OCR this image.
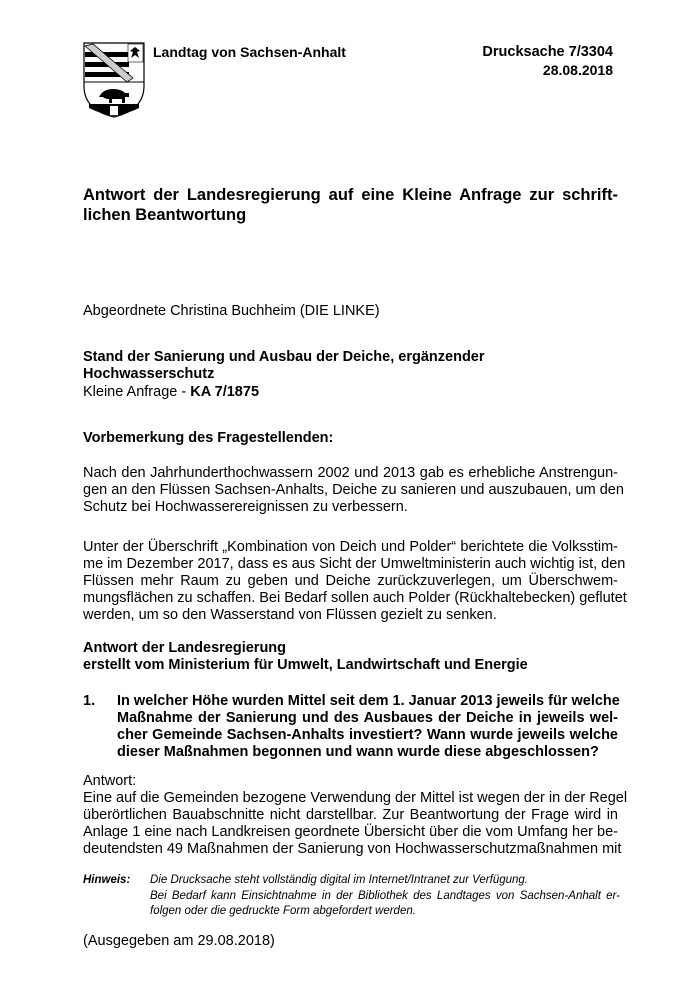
Landtag von Sachsen-Anhalt	Drucksache 7/3304
28.08.2018
Antwort der Landesregierung auf eine Kleine Anfrage zur schrift-
lichen Beantwortung
Abgeordnete Christina Buchheim (DIE LINKE)
Stand der Sanierung und Ausbau der Deiche, ergänzender Hochwasserschutz
Kleine Anfrage - KA 7/1875
Vorbemerkung des Fragestellenden:
Nach den Jahrhunderthochwassern 2002 und 2013 gab es erhebliche Anstrengun-
gen an den Flüssen Sachsen-Anhalts, Deiche zu sanieren und auszubauen, um den
Schutz bei Hochwasserereignissen zu verbessern.
Unter der Überschrift „Kombination von Deich und Polder“ berichtete die Volksstim-
me im Dezember 2017, dass es aus Sicht der Umweltministerin auch wichtig ist, den
Flüssen mehr Raum zu geben und Deiche zurückzuverlegen, um Überschwem-
mungsflächen zu schaffen. Bei Bedarf sollen auch Polder (Rückhaltebecken) geflutet
werden, um so den Wasserstand von Flüssen gezielt zu senken.
Antwort der Landesregierung
erstellt vom Ministerium für Umwelt, Landwirtschaft und Energie
1.	In welcher Höhe wurden Mittel seit dem 1. Januar 2013 jeweils für welche
Maßnahme der Sanierung und des Ausbaues der Deiche in jeweils wel-
cher Gemeinde Sachsen-Anhalts investiert? Wann wurde jeweils welche
dieser Maßnahmen begonnen und wann wurde diese abgeschlossen?
Antwort:
Eine auf die Gemeinden bezogene Verwendung der Mittel ist wegen der in der Regel
überörtlichen Bauabschnitte nicht darstellbar. Zur Beantwortung der Frage wird in
Anlage 1 eine nach Landkreisen geordnete Übersicht über die vom Umfang her be-
deutendsten 49 Maßnahmen der Sanierung von Hochwasserschutzmaßnahmen mit
Hinweis: Die Drucksache steht vollständig digital im Internet/Intranet zur Verfügung.
Bei Bedarf kann Einsichtnahme in der Bibliothek des Landtages von Sachsen-Anhalt er-
folgen oder die gedruckte Form abgefordert werden.
(Ausgegeben am 29.08.2018)
